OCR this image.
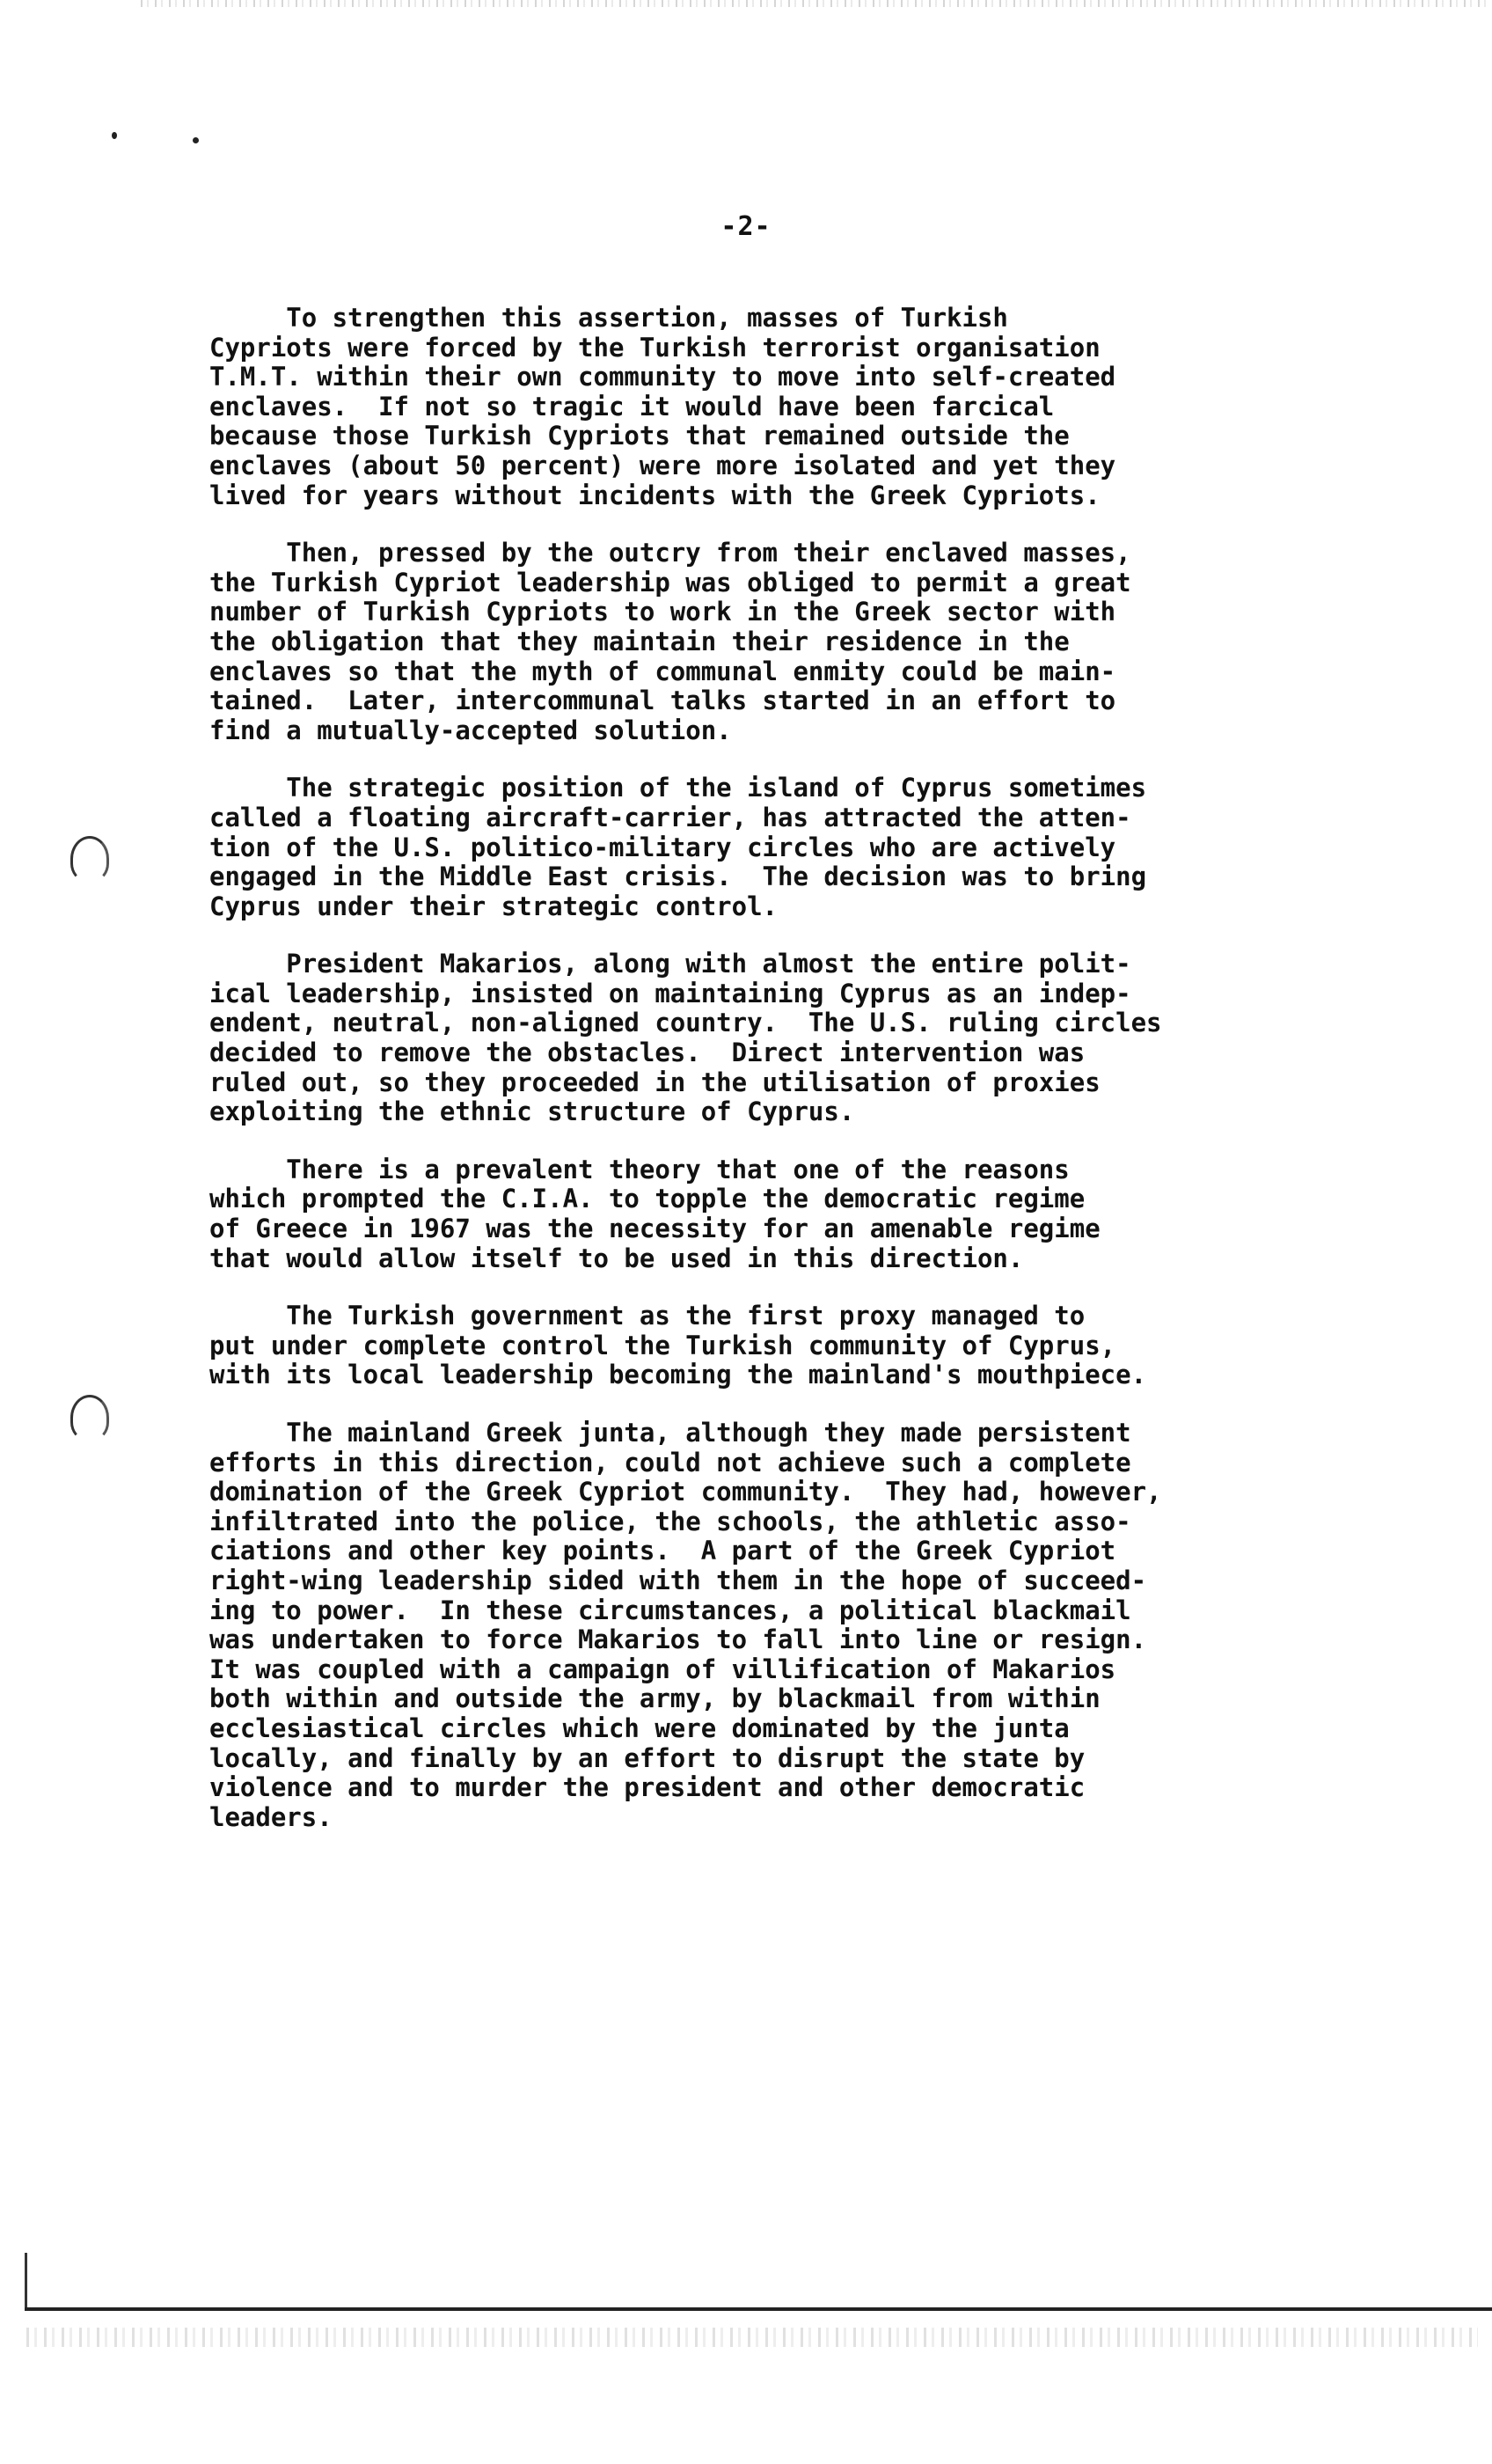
-2-

To strengthen this assertion, masses of Turkish
Cypriots were forced by the Turkish terrorist organisation
T.M.T. within their own community to move into self-created
enclaves.  If not so tragic it would have been farcical
because those Turkish Cypriots that remained outside the
enclaves (about 50 percent) were more isolated and yet they
lived for years without incidents with the Greek Cypriots.

Then, pressed by the outcry from their enclaved masses,
the Turkish Cypriot leadership was obliged to permit a great
number of Turkish Cypriots to work in the Greek sector with
the obligation that they maintain their residence in the
enclaves so that the myth of communal enmity could be main-
tained.  Later, intercommunal talks started in an effort to
find a mutually-accepted solution.

The strategic position of the island of Cyprus sometimes
called a floating aircraft-carrier, has attracted the atten-
tion of the U.S. politico-military circles who are actively
engaged in the Middle East crisis.  The decision was to bring
Cyprus under their strategic control.

President Makarios, along with almost the entire polit-
ical leadership, insisted on maintaining Cyprus as an indep-
endent, neutral, non-aligned country.  The U.S. ruling circles
decided to remove the obstacles.  Direct intervention was
ruled out, so they proceeded in the utilisation of proxies
exploiting the ethnic structure of Cyprus.

There is a prevalent theory that one of the reasons
which prompted the C.I.A. to topple the democratic regime
of Greece in 1967 was the necessity for an amenable regime
that would allow itself to be used in this direction.

The Turkish government as the first proxy managed to
put under complete control the Turkish community of Cyprus,
with its local leadership becoming the mainland's mouthpiece.

The mainland Greek junta, although they made persistent
efforts in this direction, could not achieve such a complete
domination of the Greek Cypriot community.  They had, however,
infiltrated into the police, the schools, the athletic asso-
ciations and other key points.  A part of the Greek Cypriot
right-wing leadership sided with them in the hope of succeed-
ing to power.  In these circumstances, a political blackmail
was undertaken to force Makarios to fall into line or resign.
It was coupled with a campaign of villification of Makarios
both within and outside the army, by blackmail from within
ecclesiastical circles which were dominated by the junta
locally, and finally by an effort to disrupt the state by
violence and to murder the president and other democratic
leaders.
